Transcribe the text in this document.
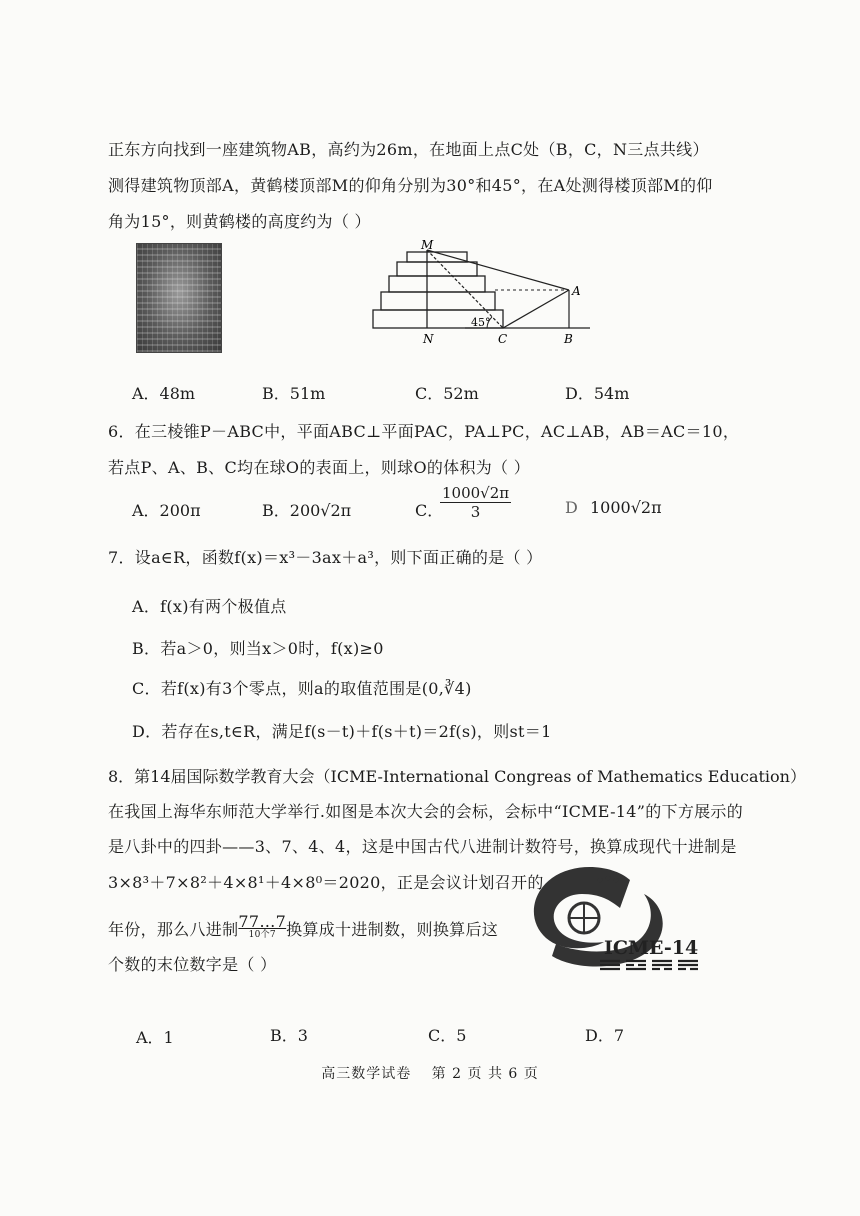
正东方向找到一座建筑物AB，高约为26m，在地面上点C处（B，C，N三点共线）
测得建筑物顶部A，黄鹤楼顶部M的仰角分别为30°和45°，在A处测得楼顶部M的仰
角为15°，则黄鹤楼的高度约为（ ）
M
A
N	C	B
45°
A．48m	B．51m	C．52m	D．54m
6．在三棱锥P－ABC中，平面ABC⊥平面PAC，PA⊥PC，AC⊥AB，AB＝AC＝10，
若点P、A、B、C均在球O的表面上，则球O的体积为（ ）
A．200π	B．200√2π	C．
$\frac{1000√2\pi}{3}$	D 1000√2π
7．设a∈R，函数f(x)＝x³－3ax＋a³，则下面正确的是（ ）
A．f(x)有两个极值点
B．若a＞0，则当x＞0时，f(x)≥0
C．若f(x)有3个零点，则a的取值范围是(0,∛4)
D．若存在s,t∈R，满足f(s－t)＋f(s＋t)＝2f(s)，则st＝1
8．第14届国际数学教育大会（ICME-International Congreas of Mathematics Education）
在我国上海华东师范大学举行.如图是本次大会的会标，会标中“ICME-14”的下方展示的
是八卦中的四卦——3、7、4、4，这是中国古代八进制计数符号，换算成现代十进制是
3×8³＋7×8²＋4×8¹＋4×8⁰＝2020，正是会议计划召开的
年份，那么八进制 77…7
10个7 换算成十进制数，则换算后这
个数的末位数字是（ ）
ICME-14
A．1	B．3	C．5	D．7
高三数学试卷　 第 2 页 共 6 页
